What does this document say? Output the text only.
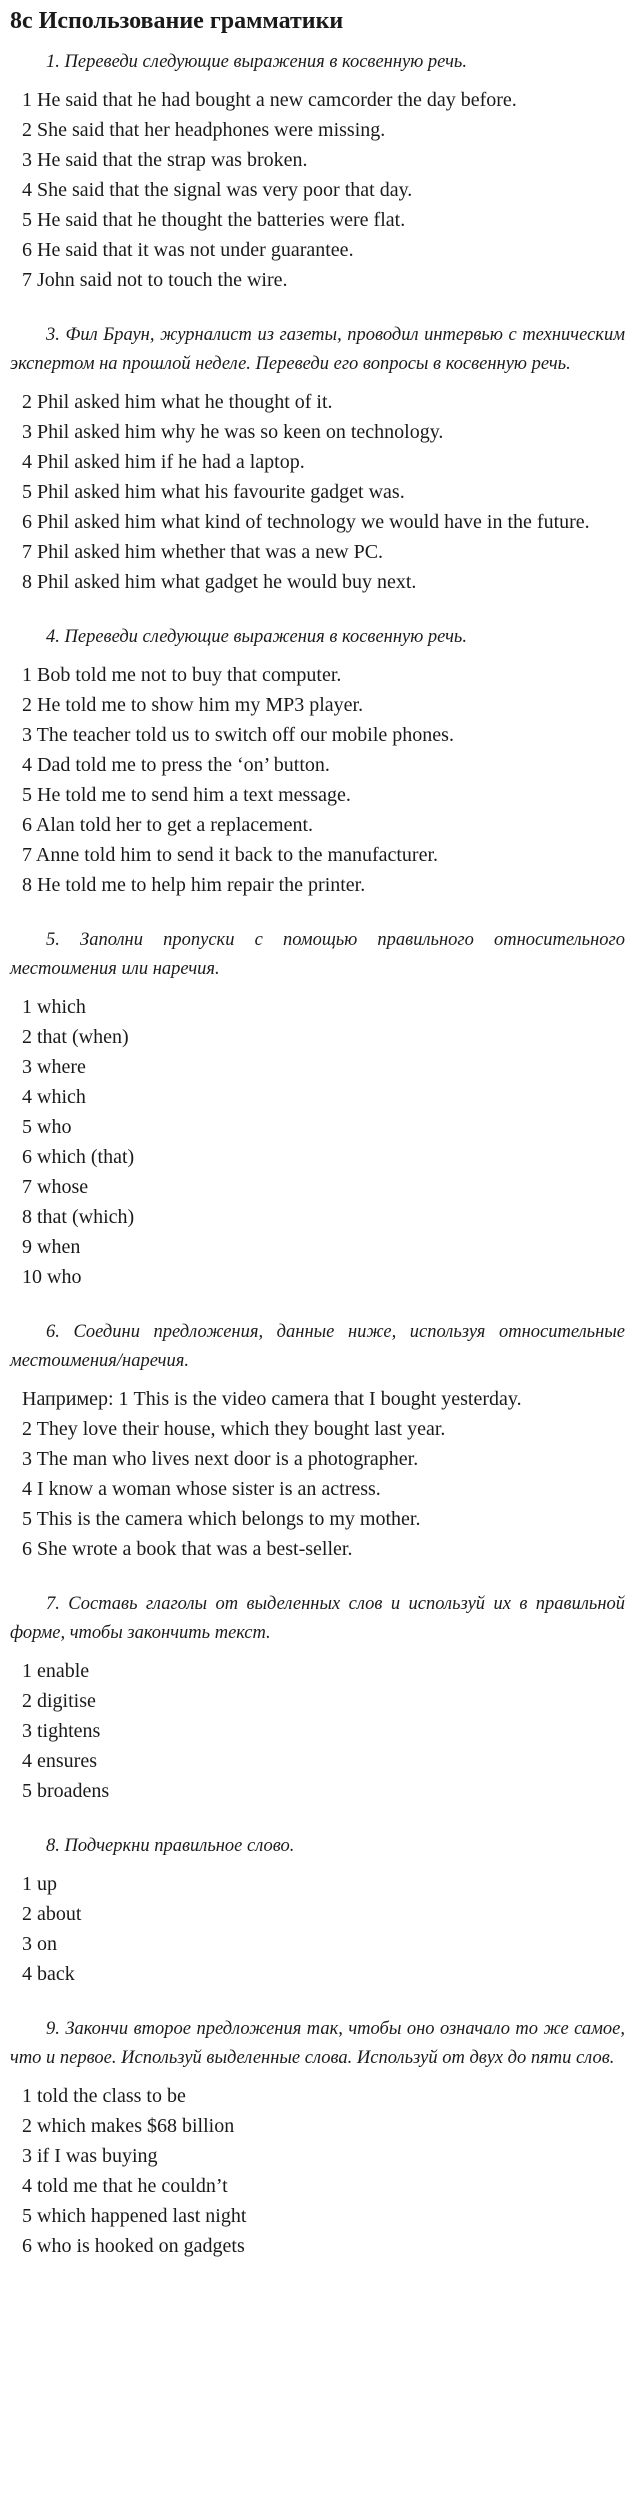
8c Использование грамматики
1. Переведи следующие выражения в косвенную речь.
1 He said that he had bought a new camcorder the day before.
2 She said that her headphones were missing.
3 He said that the strap was broken.
4 She said that the signal was very poor that day.
5 He said that he thought the batteries were flat.
6 He said that it was not under guarantee.
7 John said not to touch the wire.
3. Фил Браун, журналист из газеты, проводил интервью с техническим экспертом на прошлой неделе. Переведи его вопросы в косвенную речь.
2 Phil asked him what he thought of it.
3 Phil asked him why he was so keen on technology.
4 Phil asked him if he had a laptop.
5 Phil asked him what his favourite gadget was.
6 Phil asked him what kind of technology we would have in the future.
7 Phil asked him whether that was a new PC.
8 Phil asked him what gadget he would buy next.
4. Переведи следующие выражения в косвенную речь.
1 Bob told me not to buy that computer.
2 He told me to show him my MP3 player.
3 The teacher told us to switch off our mobile phones.
4 Dad told me to press the ‘on’ button.
5 He told me to send him a text message.
6 Alan told her to get a replacement.
7 Anne told him to send it back to the manufacturer.
8 He told me to help him repair the printer.
5. Заполни пропуски с помощью правильного относительного местоимения или наречия.
1 which
2 that (when)
3 where
4 which
5 who
6 which (that)
7 whose
8 that (which)
9 when
10 who
6. Соедини предложения, данные ниже, используя относительные местоимения/наречия.
Например: 1 This is the video camera that I bought yesterday.
2 They love their house, which they bought last year.
3 The man who lives next door is a photographer.
4 I know a woman whose sister is an actress.
5 This is the camera which belongs to my mother.
6 She wrote a book that was a best-seller.
7. Составь глаголы от выделенных слов и используй их в правильной форме, чтобы закончить текст.
1 enable
2 digitise
3 tightens
4 ensures
5 broadens
8. Подчеркни правильное слово.
1 up
2 about
3 on
4 back
9. Закончи второе предложения так, чтобы оно означало то же самое, что и первое. Используй выделенные слова. Используй от двух до пяти слов.
1 told the class to be
2 which makes $68 billion
3 if I was buying
4 told me that he couldn’t
5 which happened last night
6 who is hooked on gadgets
